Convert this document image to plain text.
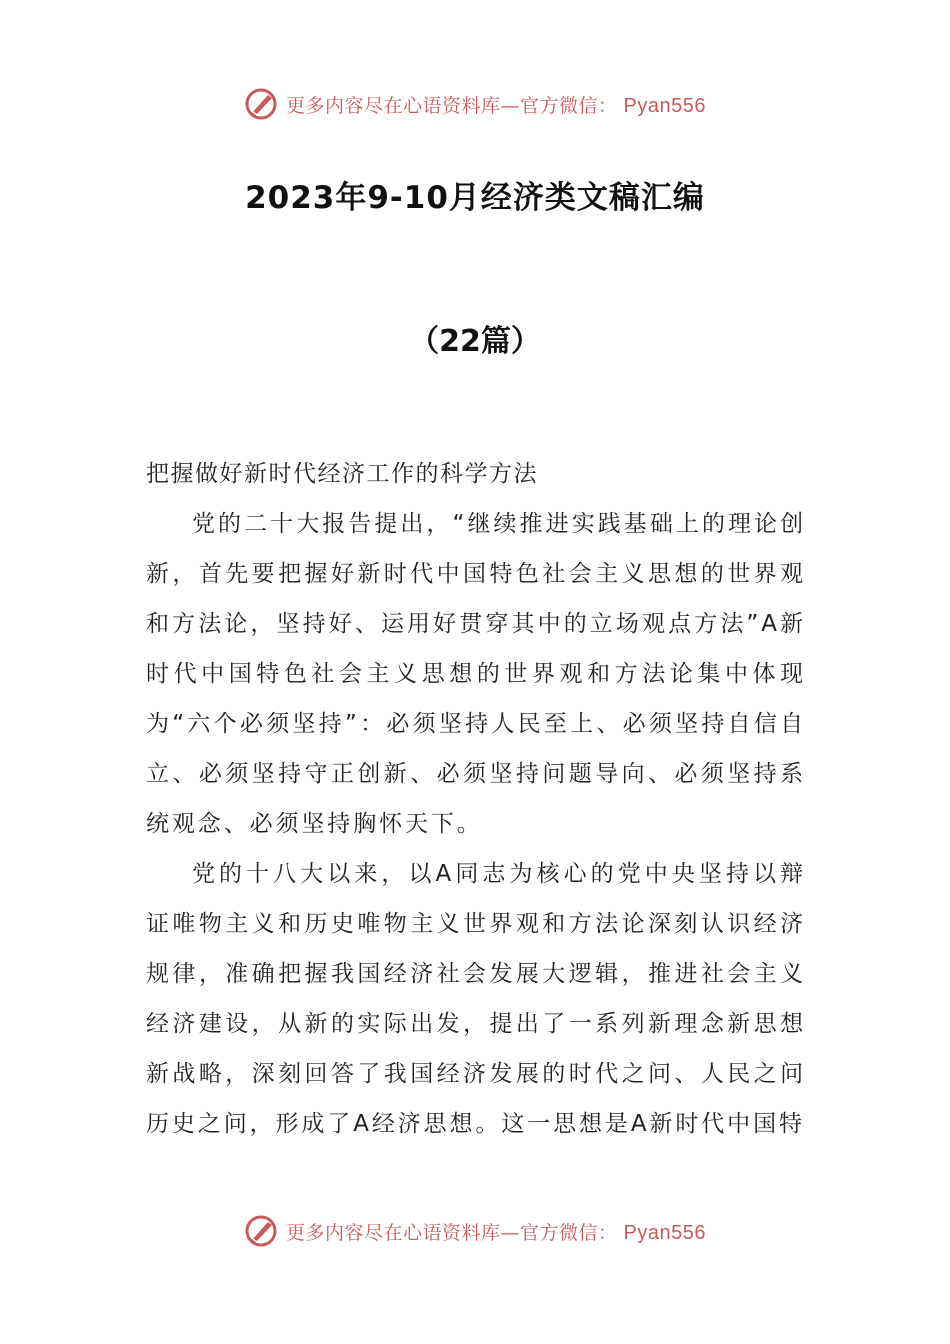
更多内容尽在心语资料库—官方微信： Pyan556
2023年9-10月经济类文稿汇编
（22篇）

把握做好新时代经济工作的科学方法

党的二十大报告提出，“继续推进实践基础上的理论创新，首先要把握好新时代中国特色社会主义思想的世界观和方法论，坚持好、运用好贯穿其中的立场观点方法”A新时代中国特色社会主义思想的世界观和方法论集中体现为“六个必须坚持”：必须坚持人民至上、必须坚持自信自立、必须坚持守正创新、必须坚持问题导向、必须坚持系统观念、必须坚持胸怀天下。

党的十八大以来，以A同志为核心的党中央坚持以辩证唯物主义和历史唯物主义世界观和方法论深刻认识经济规律，准确把握我国经济社会发展大逻辑，推进社会主义经济建设，从新的实际出发，提出了一系列新理念新思想新战略，深刻回答了我国经济发展的时代之问、人民之问历史之问，形成了A经济思想。这一思想是A新时代中国特

更多内容尽在心语资料库—官方微信： Pyan556
